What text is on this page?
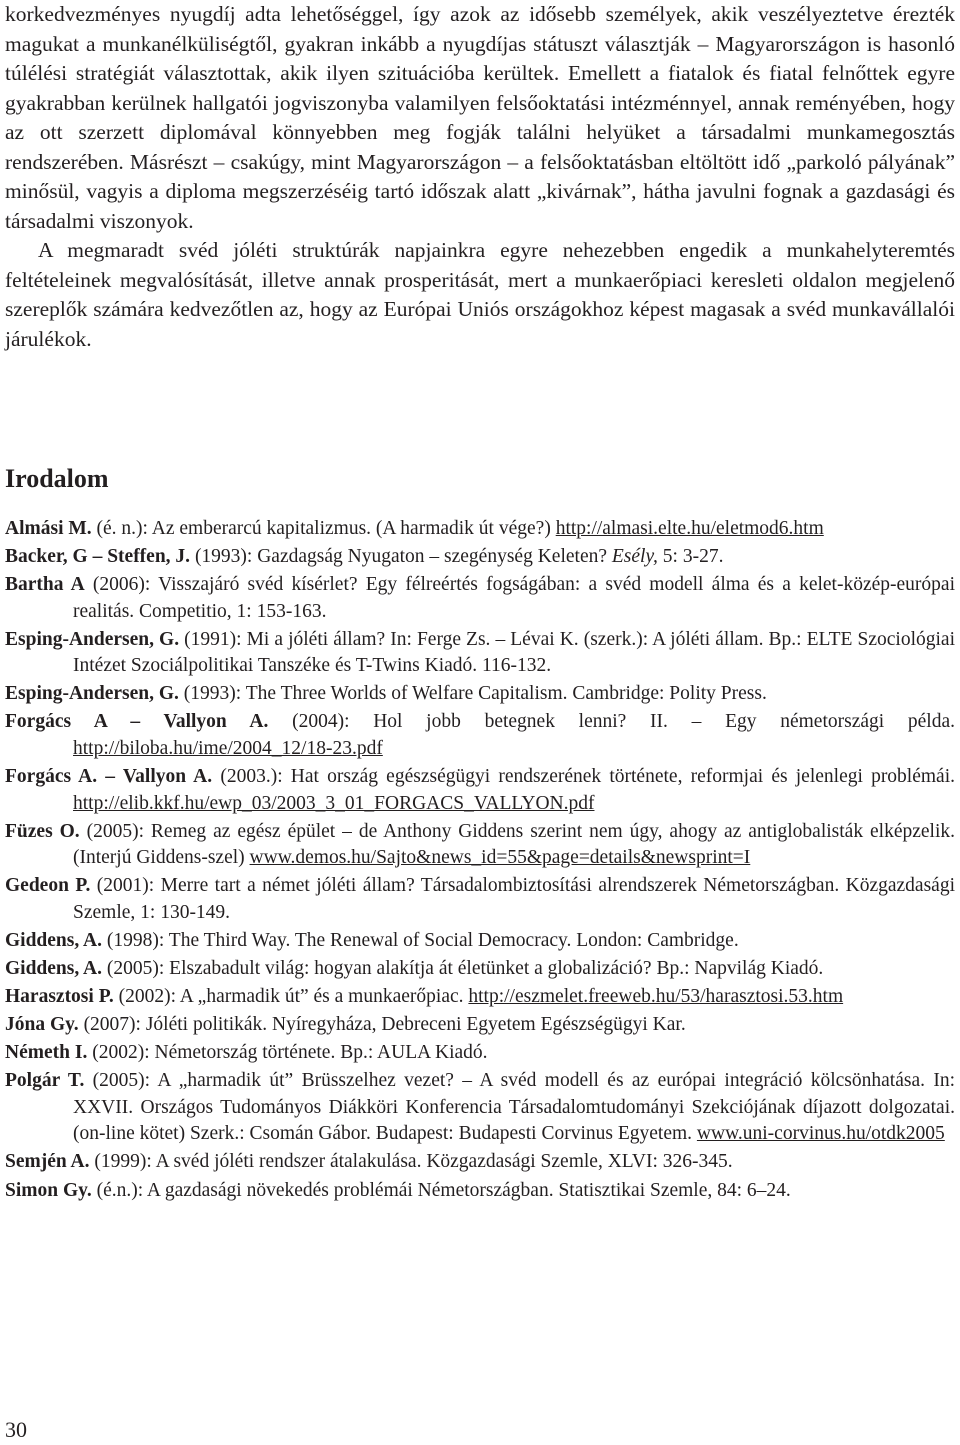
korkedvezményes nyugdíj adta lehetőséggel, így azok az idősebb személyek, akik veszélyeztetve érezték magukat a munkanélküliségtől, gyakran inkább a nyugdíjas státuszt választják – Magyarországon is hasonló túlélési stratégiát választottak, akik ilyen szituációba kerültek. Emellett a fiatalok és fiatal felnőttek egyre gyakrabban kerülnek hallgatói jogviszonyba valamilyen felsőoktatási intézménnyel, annak reményében, hogy az ott szerzett diplomával könnyebben meg fogják találni helyüket a társadalmi munkamegosztás rendszerében. Másrészt – csakúgy, mint Magyarországon – a felsőoktatásban eltöltött idő „parkoló pályának” minősül, vagyis a diploma megszerzéséig tartó időszak alatt „kivárnak”, hátha javulni fognak a gazdasági és társadalmi viszonyok.

A megmaradt svéd jóléti struktúrák napjainkra egyre nehezebben engedik a munkahelyteremtés feltételeinek megvalósítását, illetve annak prosperitását, mert a munkaerőpiaci keresleti oldalon megjelenő szereplők számára kedvezőtlen az, hogy az Európai Uniós országokhoz képest magasak a svéd munkavállalói járulékok.

Irodalom

Almási M. (é. n.): Az emberarcú kapitalizmus. (A harmadik út vége?) http://almasi.elte.hu/eletmod6.htm

Backer, G – Steffen, J. (1993): Gazdagság Nyugaton – szegénység Keleten? Esély, 5: 3-27.

Bartha A (2006): Visszajáró svéd kísérlet? Egy félreértés fogságában: a svéd modell álma és a kelet-közép-európai realitás. Competitio, 1: 153-163.

Esping-Andersen, G. (1991): Mi a jóléti állam? In: Ferge Zs. – Lévai K. (szerk.): A jóléti állam. Bp.: ELTE Szociológiai Intézet Szociálpolitikai Tanszéke és T-Twins Kiadó. 116-132.

Esping-Andersen, G. (1993): The Three Worlds of Welfare Capitalism. Cambridge: Polity Press.

Forgács A – Vallyon A. (2004): Hol jobb betegnek lenni? II. – Egy németországi példa. http://biloba.hu/ime/2004_12/18-23.pdf

Forgács A. – Vallyon A. (2003.): Hat ország egészségügyi rendszerének története, reformjai és jelenlegi problémái. http://elib.kkf.hu/ewp_03/2003_3_01_FORGACS_VALLYON.pdf

Füzes O. (2005): Remeg az egész épület – de Anthony Giddens szerint nem úgy, ahogy az antiglobalisták elképzelik. (Interjú Giddens-szel) www.demos.hu/Sajto&news_id=55&page=details&newsprint=I

Gedeon P. (2001): Merre tart a német jóléti állam? Társadalombiztosítási alrendszerek Németországban. Közgazdasági Szemle, 1: 130-149.

Giddens, A. (1998): The Third Way. The Renewal of Social Democracy. London: Cambridge.

Giddens, A. (2005): Elszabadult világ: hogyan alakítja át életünket a globalizáció? Bp.: Napvilág Kiadó.

Harasztosi P. (2002): A „harmadik út” és a munkaerőpiac. http://eszmelet.freeweb.hu/53/harasztosi.53.htm

Jóna Gy. (2007): Jóléti politikák. Nyíregyháza, Debreceni Egyetem Egészségügyi Kar.

Németh I. (2002): Németország története. Bp.: AULA Kiadó.

Polgár T. (2005): A „harmadik út” Brüsszelhez vezet? – A svéd modell és az európai integráció kölcsönhatása. In: XXVII. Országos Tudományos Diákköri Konferencia Társadalomtudományi Szekciójának díjazott dolgozatai. (on-line kötet) Szerk.: Csomán Gábor. Budapest: Budapesti Corvinus Egyetem. www.uni-corvinus.hu/otdk2005

Semjén A. (1999): A svéd jóléti rendszer átalakulása. Közgazdasági Szemle, XLVI: 326-345.

Simon Gy. (é.n.): A gazdasági növekedés problémái Németországban. Statisztikai Szemle, 84: 6–24.

30
